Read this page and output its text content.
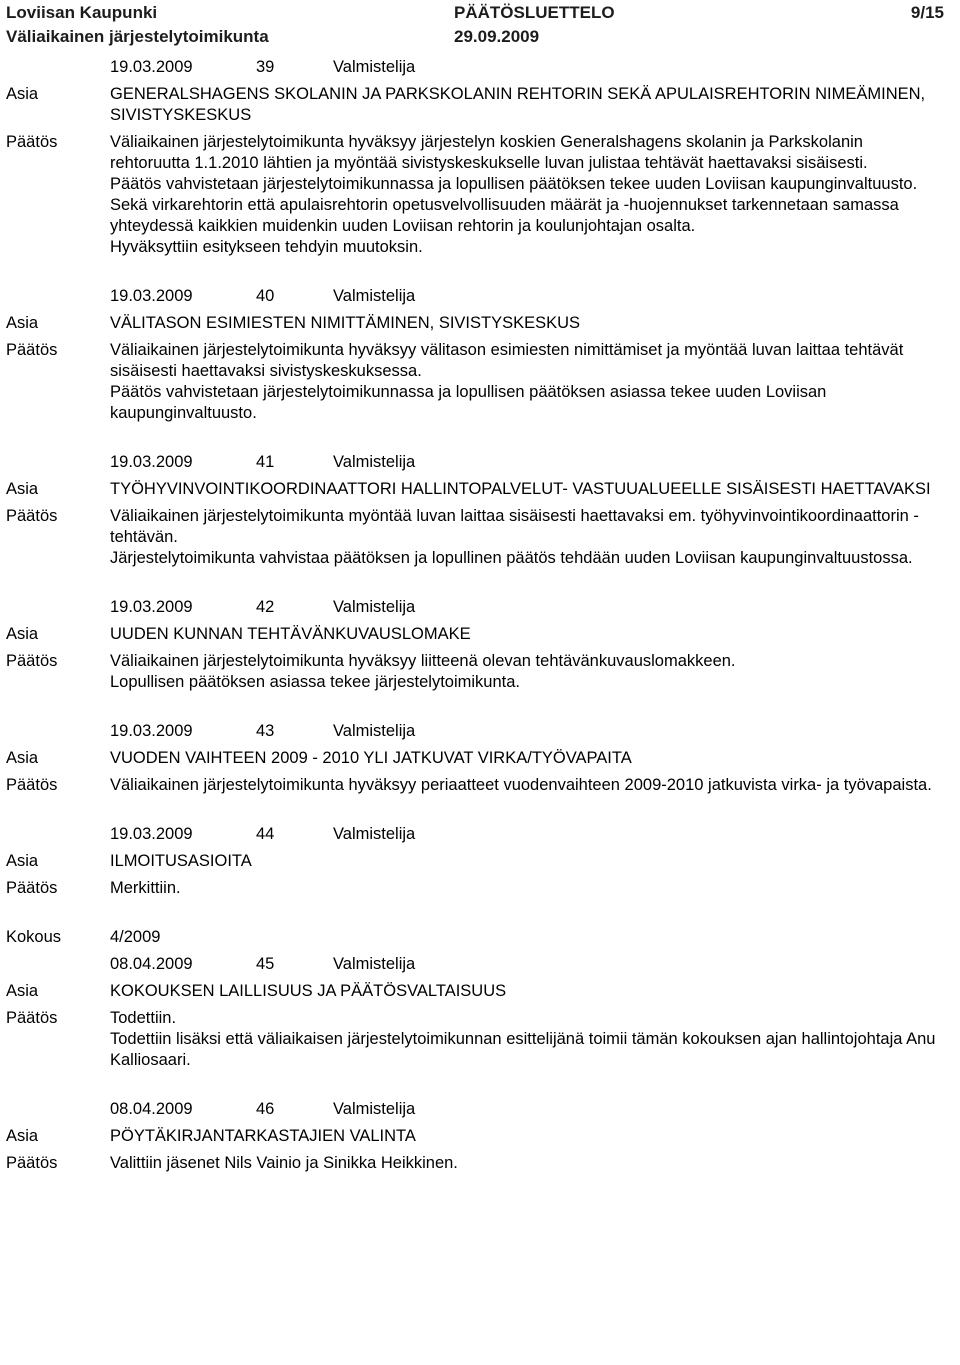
Loviisan Kaupunki
Väliaikainen järjestelytoimikunta
PÄÄTÖSLUETTELO
29.09.2009
9/15
19.03.2009	39	Valmistelija
Asia	GENERALSHAGENS SKOLANIN JA PARKSKOLANIN REHTORIN SEKÄ APULAISREHTORIN NIMEÄMINEN, SIVISTYSKESKUS

Päätös	Väliaikainen järjestelytoimikunta hyväksyy järjestelyn koskien Generalshagens skolanin ja Parkskolanin rehtoruutta 1.1.2010 lähtien ja myöntää sivistyskeskukselle luvan julistaa tehtävät haettavaksi sisäisesti.

Päätös vahvistetaan järjestelytoimikunnassa ja lopullisen päätöksen tekee uuden Loviisan kaupunginvaltuusto.

Sekä virkarehtorin että apulaisrehtorin opetusvelvollisuuden määrät ja -huojennukset tarkennetaan samassa yhteydessä kaikkien muidenkin uuden Loviisan rehtorin ja koulunjohtajan osalta.

Hyväksyttiin esitykseen tehdyin muutoksin.

19.03.2009	40	Valmistelija
Asia	VÄLITASON ESIMIESTEN NIMITTÄMINEN, SIVISTYSKESKUS

Päätös	Väliaikainen järjestelytoimikunta hyväksyy välitason esimiesten nimittämiset ja myöntää luvan laittaa tehtävät sisäisesti haettavaksi sivistyskeskuksessa.

Päätös vahvistetaan järjestelytoimikunnassa ja lopullisen päätöksen asiassa tekee uuden Loviisan kaupunginvaltuusto.

19.03.2009	41	Valmistelija
Asia	TYÖHYVINVOINTIKOORDINAATTORI HALLINTOPALVELUT- VASTUUALUEELLE SISÄISESTI HAETTAVAKSI

Päätös	Väliaikainen järjestelytoimikunta myöntää luvan laittaa sisäisesti haettavaksi em. työhyvinvointikoordinaattorin -tehtävän.

Järjestelytoimikunta vahvistaa päätöksen ja lopullinen päätös tehdään uuden Loviisan kaupunginvaltuustossa.

19.03.2009	42	Valmistelija
Asia	UUDEN KUNNAN TEHTÄVÄNKUVAUSLOMAKE

Päätös	Väliaikainen järjestelytoimikunta hyväksyy liitteenä olevan tehtävänkuvauslomakkeen.

Lopullisen päätöksen asiassa tekee järjestelytoimikunta.

19.03.2009	43	Valmistelija
Asia	VUODEN VAIHTEEN 2009 - 2010 YLI JATKUVAT VIRKA/TYÖVAPAITA

Päätös	Väliaikainen järjestelytoimikunta hyväksyy periaatteet vuodenvaihteen 2009-2010 jatkuvista virka- ja työvapaista.

19.03.2009	44	Valmistelija
Asia	ILMOITUSASIOITA

Päätös	Merkittiin.

Kokous	4/2009
08.04.2009	45	Valmistelija
Asia	KOKOUKSEN LAILLISUUS JA PÄÄTÖSVALTAISUUS

Päätös	Todettiin.

Todettiin lisäksi että väliaikaisen järjestelytoimikunnan esittelijänä toimii tämän kokouksen ajan hallintojohtaja Anu Kalliosaari.

08.04.2009	46	Valmistelija
Asia	PÖYTÄKIRJANTARKASTAJIEN VALINTA

Päätös	Valittiin jäsenet Nils Vainio ja Sinikka Heikkinen.
